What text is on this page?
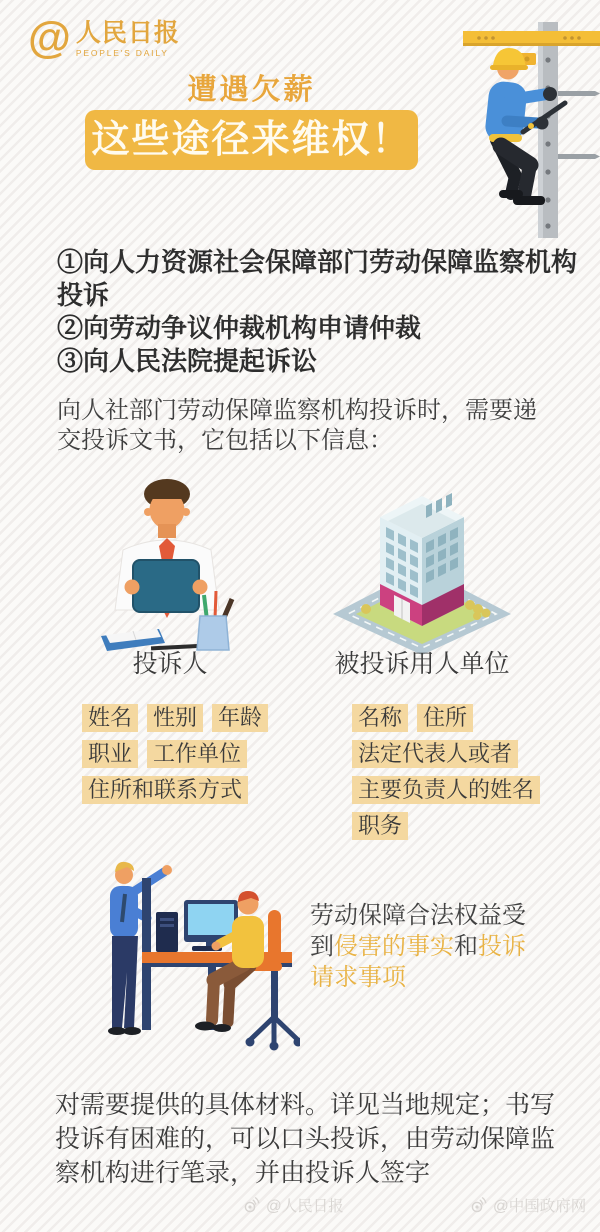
@ 人民日报
PEOPLE'S DAILY
遭遇欠薪
这些途径来维权！
①向人力资源社会保障部门劳动保障监察机构投诉
②向劳动争议仲裁机构申请仲裁
③向人民法院提起诉讼
向人社部门劳动保障监察机构投诉时，需要递交投诉文书，它包括以下信息：
投诉人	被投诉用人单位
姓名 性别 年龄
职业 工作单位
住所和联系方式
名称 住所
法定代表人或者
主要负责人的姓名
职务
劳动保障合法权益受到侵害的事实和投诉请求事项
对需要提供的具体材料。详见当地规定；书写投诉有困难的，可以口头投诉，由劳动保障监察机构进行笔录，并由投诉人签字
@人民日报	@中国政府网
